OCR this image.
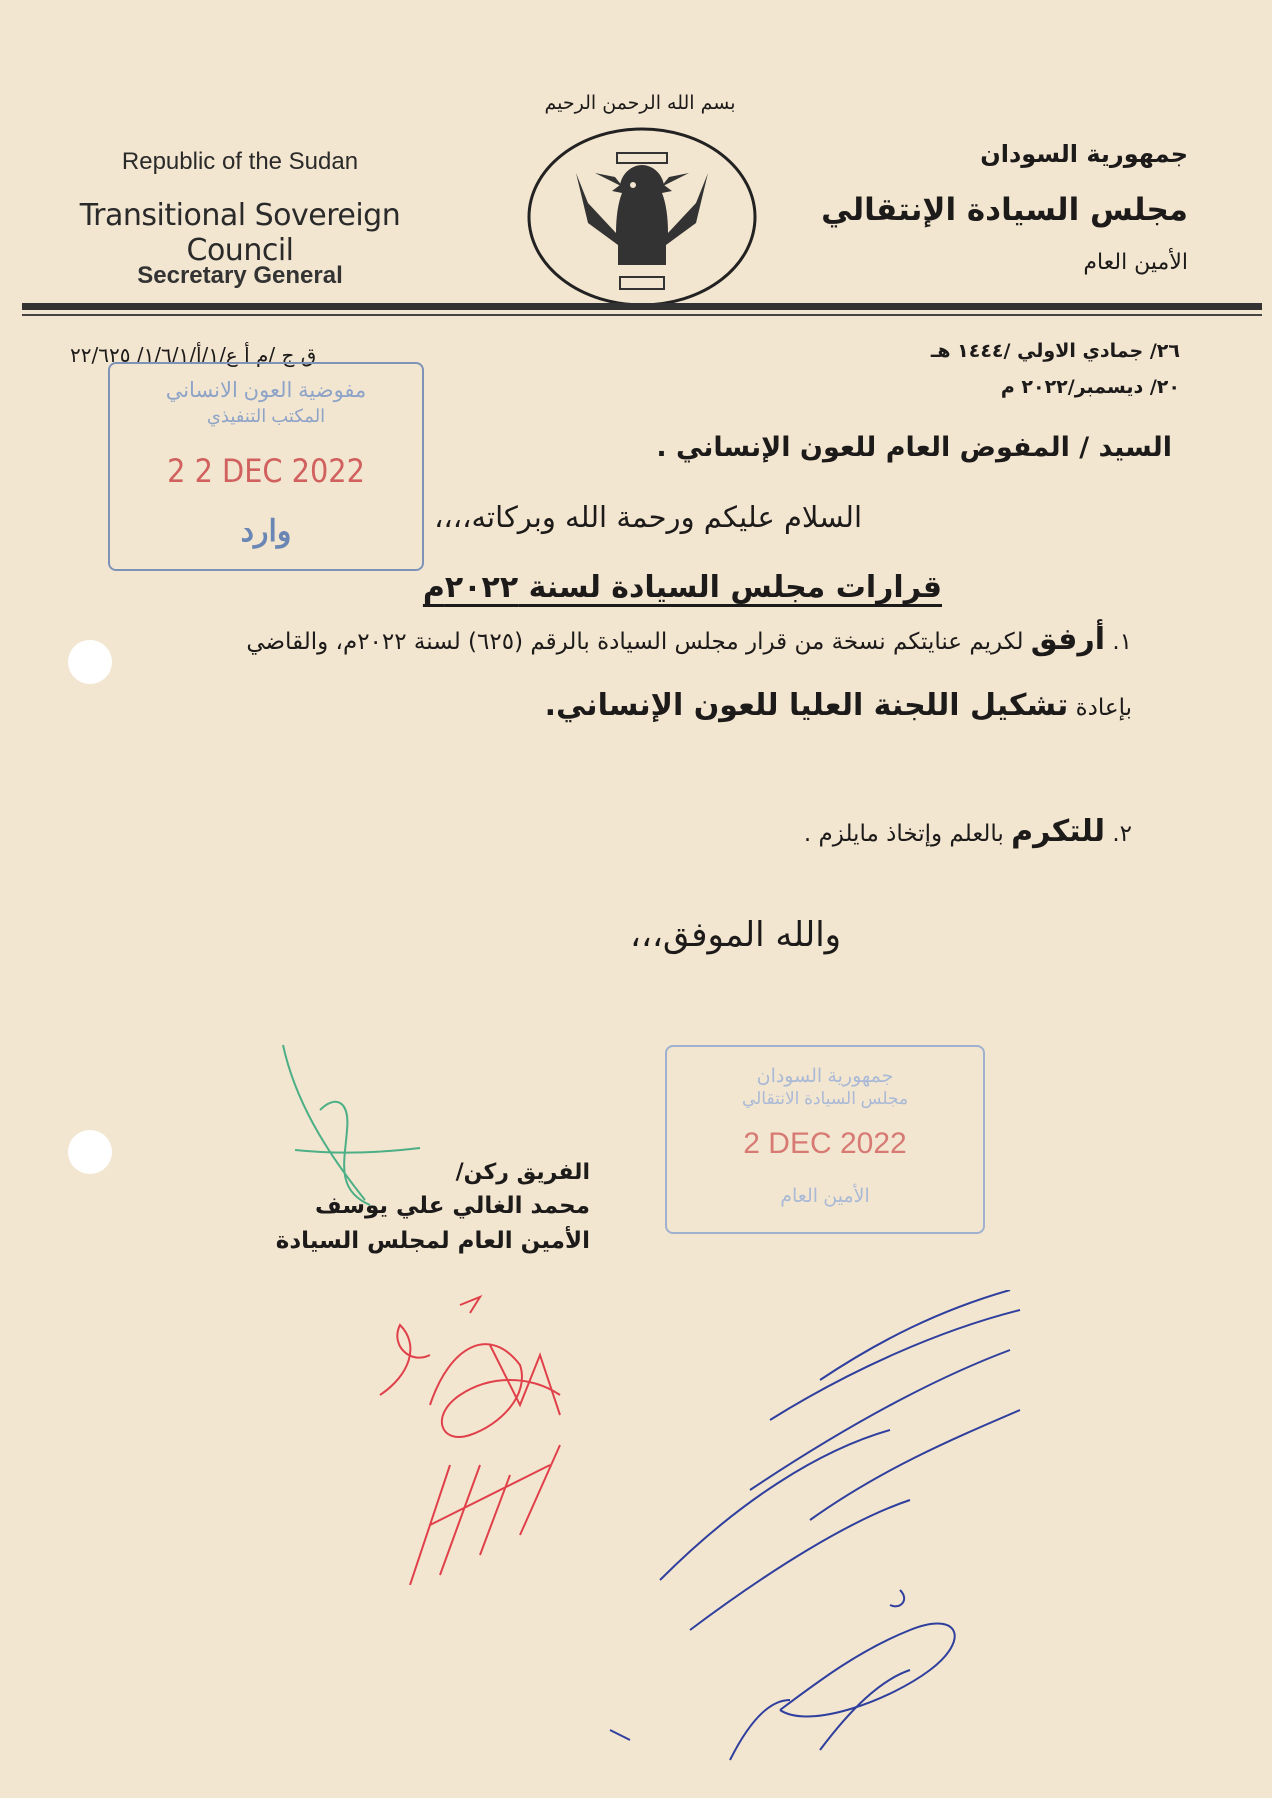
بسم الله الرحمن الرحيم
Republic of the Sudan
Transitional Sovereign Council
Secretary General
جمهورية السودان
مجلس السيادة الإنتقالي
الأمين العام
٢٦/ جمادي الاولي /١٤٤٤ هـ
٢٠/ ديسمبر/٢٠٢٢ م
ق ج /م أ ع/١/أ/١/٦/١/ ٢٢/٦٢٥
مفوضية العون الانساني
المكتب التنفيذي
2 2 DEC 2022
وارد
السيد / المفوض العام للعون الإنساني .
السلام عليكم ورحمة الله وبركاته،،،،
قرارات مجلس السيادة لسنة ٢٠٢٢م
١. أرفق لكريم عنايتكم نسخة من قرار مجلس السيادة بالرقم (٦٢٥) لسنة ٢٠٢٢م، والقاضي بإعادة تشكيل اللجنة العليا للعون الإنساني.
٢. للتكرم بالعلم وإتخاذ مايلزم .
والله الموفق،،،
الفريق ركن/
محمد الغالي علي يوسف
الأمين العام لمجلس السيادة
جمهورية السودان
مجلس السيادة الانتقالي
2 DEC 2022
الأمين العام
